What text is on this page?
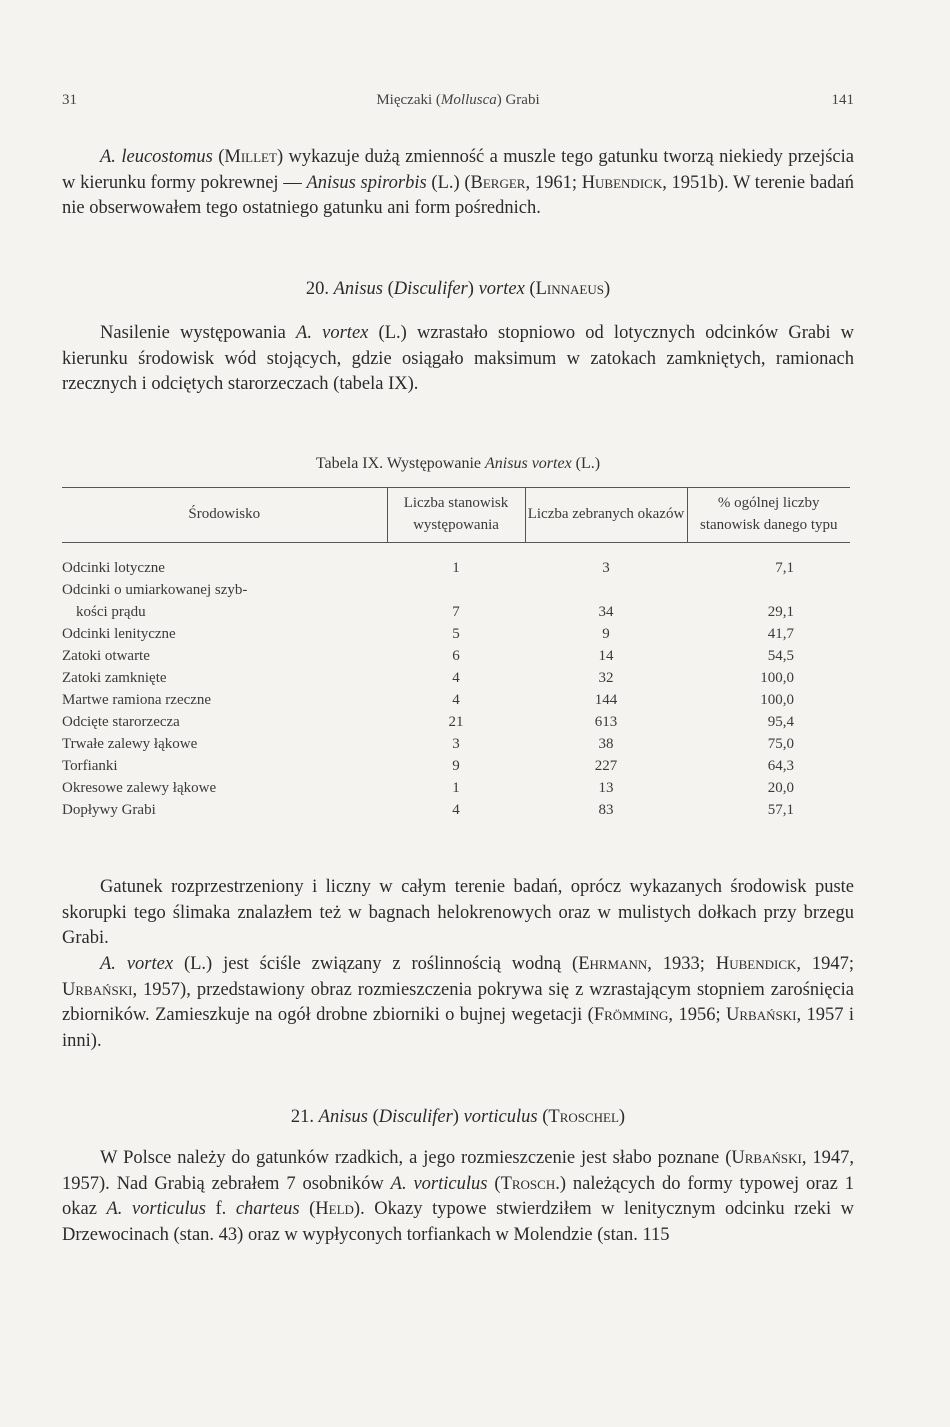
31	Mięczaki (Mollusca) Grabi	141
A. leucostomus (Millet) wykazuje dużą zmienność a muszle tego gatunku tworzą niekiedy przejścia w kierunku formy pokrewnej — Anisus spirorbis (L.) (Berger, 1961; Hubendick, 1951b). W terenie badań nie obserwowałem tego ostatniego gatunku ani form pośrednich.
20. Anisus (Disculifer) vortex (Linnaeus)
Nasilenie występowania A. vortex (L.) wzrastało stopniowo od lotycznych odcinków Grabi w kierunku środowisk wód stojących, gdzie osiągało maksimum w zatokach zamkniętych, ramionach rzecznych i odciętych starorzeczach (tabela IX).
Tabela IX. Występowanie Anisus vortex (L.)
Środowisko	Liczba stanowisk występowania	Liczba zebranych okazów	% ogólnej liczby stanowisk danego typu
Odcinki lotyczne	1	3	7,1
Odcinki o umiarkowanej szyb-			
kości prądu	7	34	29,1
Odcinki lenityczne	5	9	41,7
Zatoki otwarte	6	14	54,5
Zatoki zamknięte	4	32	100,0
Martwe ramiona rzeczne	4	144	100,0
Odcięte starorzecza	21	613	95,4
Trwałe zalewy łąkowe	3	38	75,0
Torfianki	9	227	64,3
Okresowe zalewy łąkowe	1	13	20,0
Dopływy Grabi	4	83	57,1
Gatunek rozprzestrzeniony i liczny w całym terenie badań, oprócz wykazanych środowisk puste skorupki tego ślimaka znalazłem też w bagnach helokrenowych oraz w mulistych dołkach przy brzegu Grabi.
A. vortex (L.) jest ściśle związany z roślinnością wodną (Ehrmann, 1933; Hubendick, 1947; Urbański, 1957), przedstawiony obraz rozmieszczenia pokrywa się z wzrastającym stopniem zarośnięcia zbiorników. Zamieszkuje na ogół drobne zbiorniki o bujnej wegetacji (Frömming, 1956; Urbański, 1957 i inni).
21. Anisus (Disculifer) vorticulus (Troschel)
W Polsce należy do gatunków rzadkich, a jego rozmieszczenie jest słabo poznane (Urbański, 1947, 1957). Nad Grabią zebrałem 7 osobników A. vorticulus (Trosch.) należących do formy typowej oraz 1 okaz A. vorticulus f. charteus (Held). Okazy typowe stwierdziłem w lenitycznym odcinku rzeki w Drzewocinach (stan. 43) oraz w wypłyconych torfiankach w Molendzie (stan. 115
